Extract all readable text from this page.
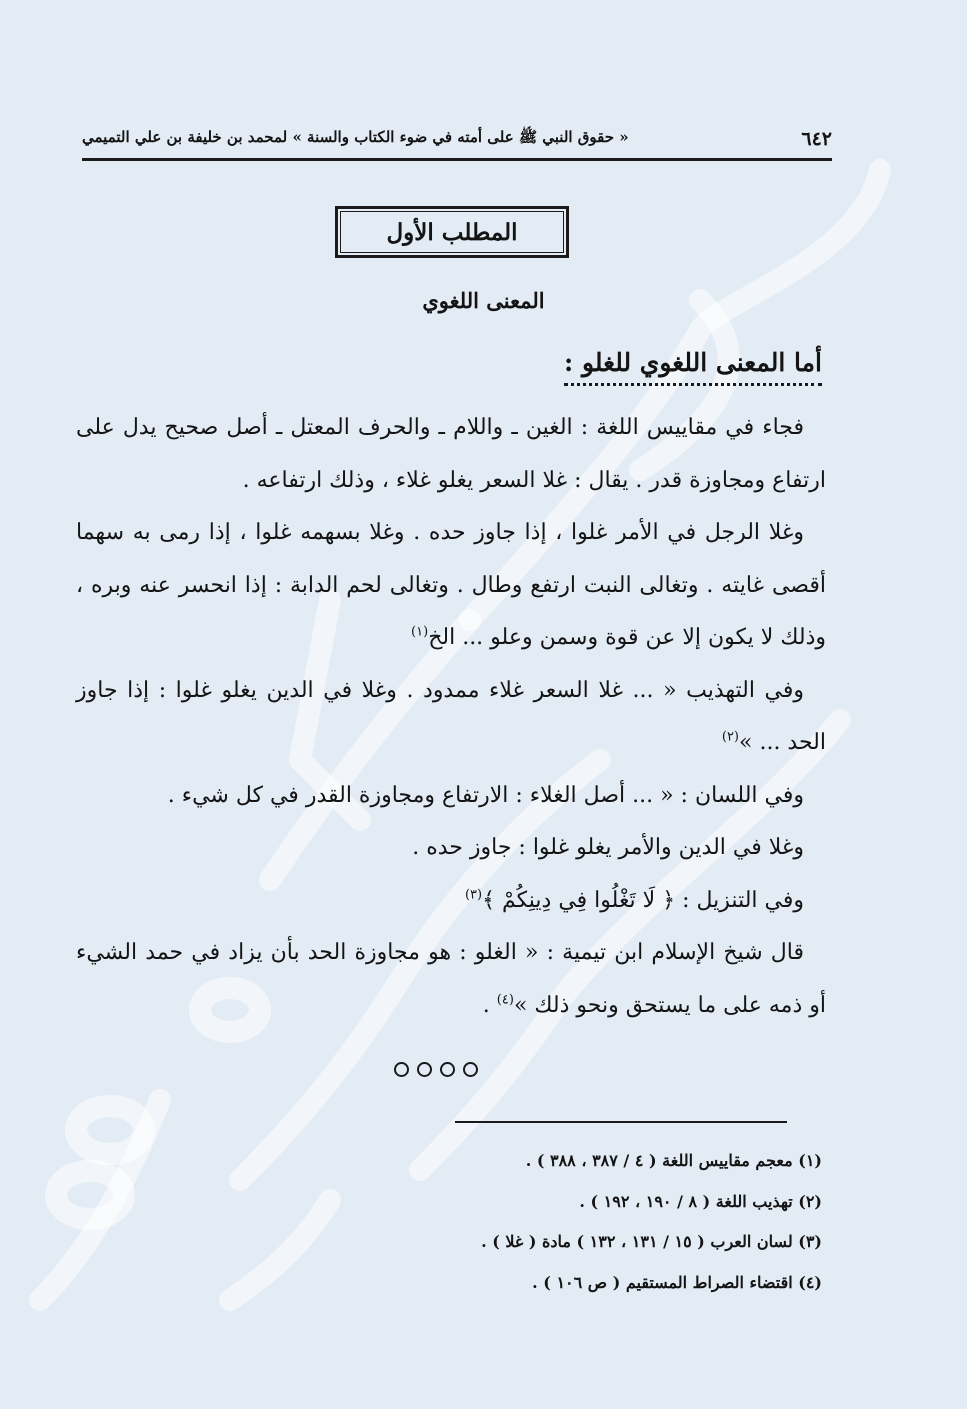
٦٤٢
« حقوق النبي ﷺ على أمته في ضوء الكتاب والسنة » لمحمد بن خليفة بن علي التميمي
المطلب الأول
المعنى اللغوي
أما المعنى اللغوي للغلو :

فجاء في مقاييس اللغة : الغين ـ واللام ـ والحرف المعتل ـ أصل صحيح يدل على ارتفاع ومجاوزة قدر . يقال : غلا السعر يغلو غلاء ، وذلك ارتفاعه .

وغلا الرجل في الأمر غلوا ، إذا جاوز حده . وغلا بسهمه غلوا ، إذا رمى به سهما أقصى غايته . وتغالى النبت ارتفع وطال . وتغالى لحم الدابة : إذا انحسر عنه وبره ، وذلك لا يكون إلا عن قوة وسمن وعلو ... الخ$^{(١)}$

وفي التهذيب « ... غلا السعر غلاء ممدود . وغلا في الدين يغلو غلوا : إذا جاوز الحد ... »$^{(٢)}$

وفي اللسان : « ... أصل الغلاء : الارتفاع ومجاوزة القدر في كل شيء .

وغلا في الدين والأمر يغلو غلوا : جاوز حده .

وفي التنزيل : ﴿ لَا تَغْلُوا فِي دِينِكُمْ ﴾$^{(٣)}$

قال شيخ الإسلام ابن تيمية : « الغلو : هو مجاوزة الحد بأن يزاد في حمد الشيء أو ذمه على ما يستحق ونحو ذلك »$^{(٤)}$ .

(١) معجم مقاييس اللغة ( ٤ / ٣٨٧ ، ٣٨٨ ) .

(٢) تهذيب اللغة ( ٨ / ١٩٠ ، ١٩٢ ) .

(٣) لسان العرب ( ١٥ / ١٣١ ، ١٣٢ ) مادة ( غلا ) .

(٤) اقتضاء الصراط المستقيم ( ص ١٠٦ ) .
